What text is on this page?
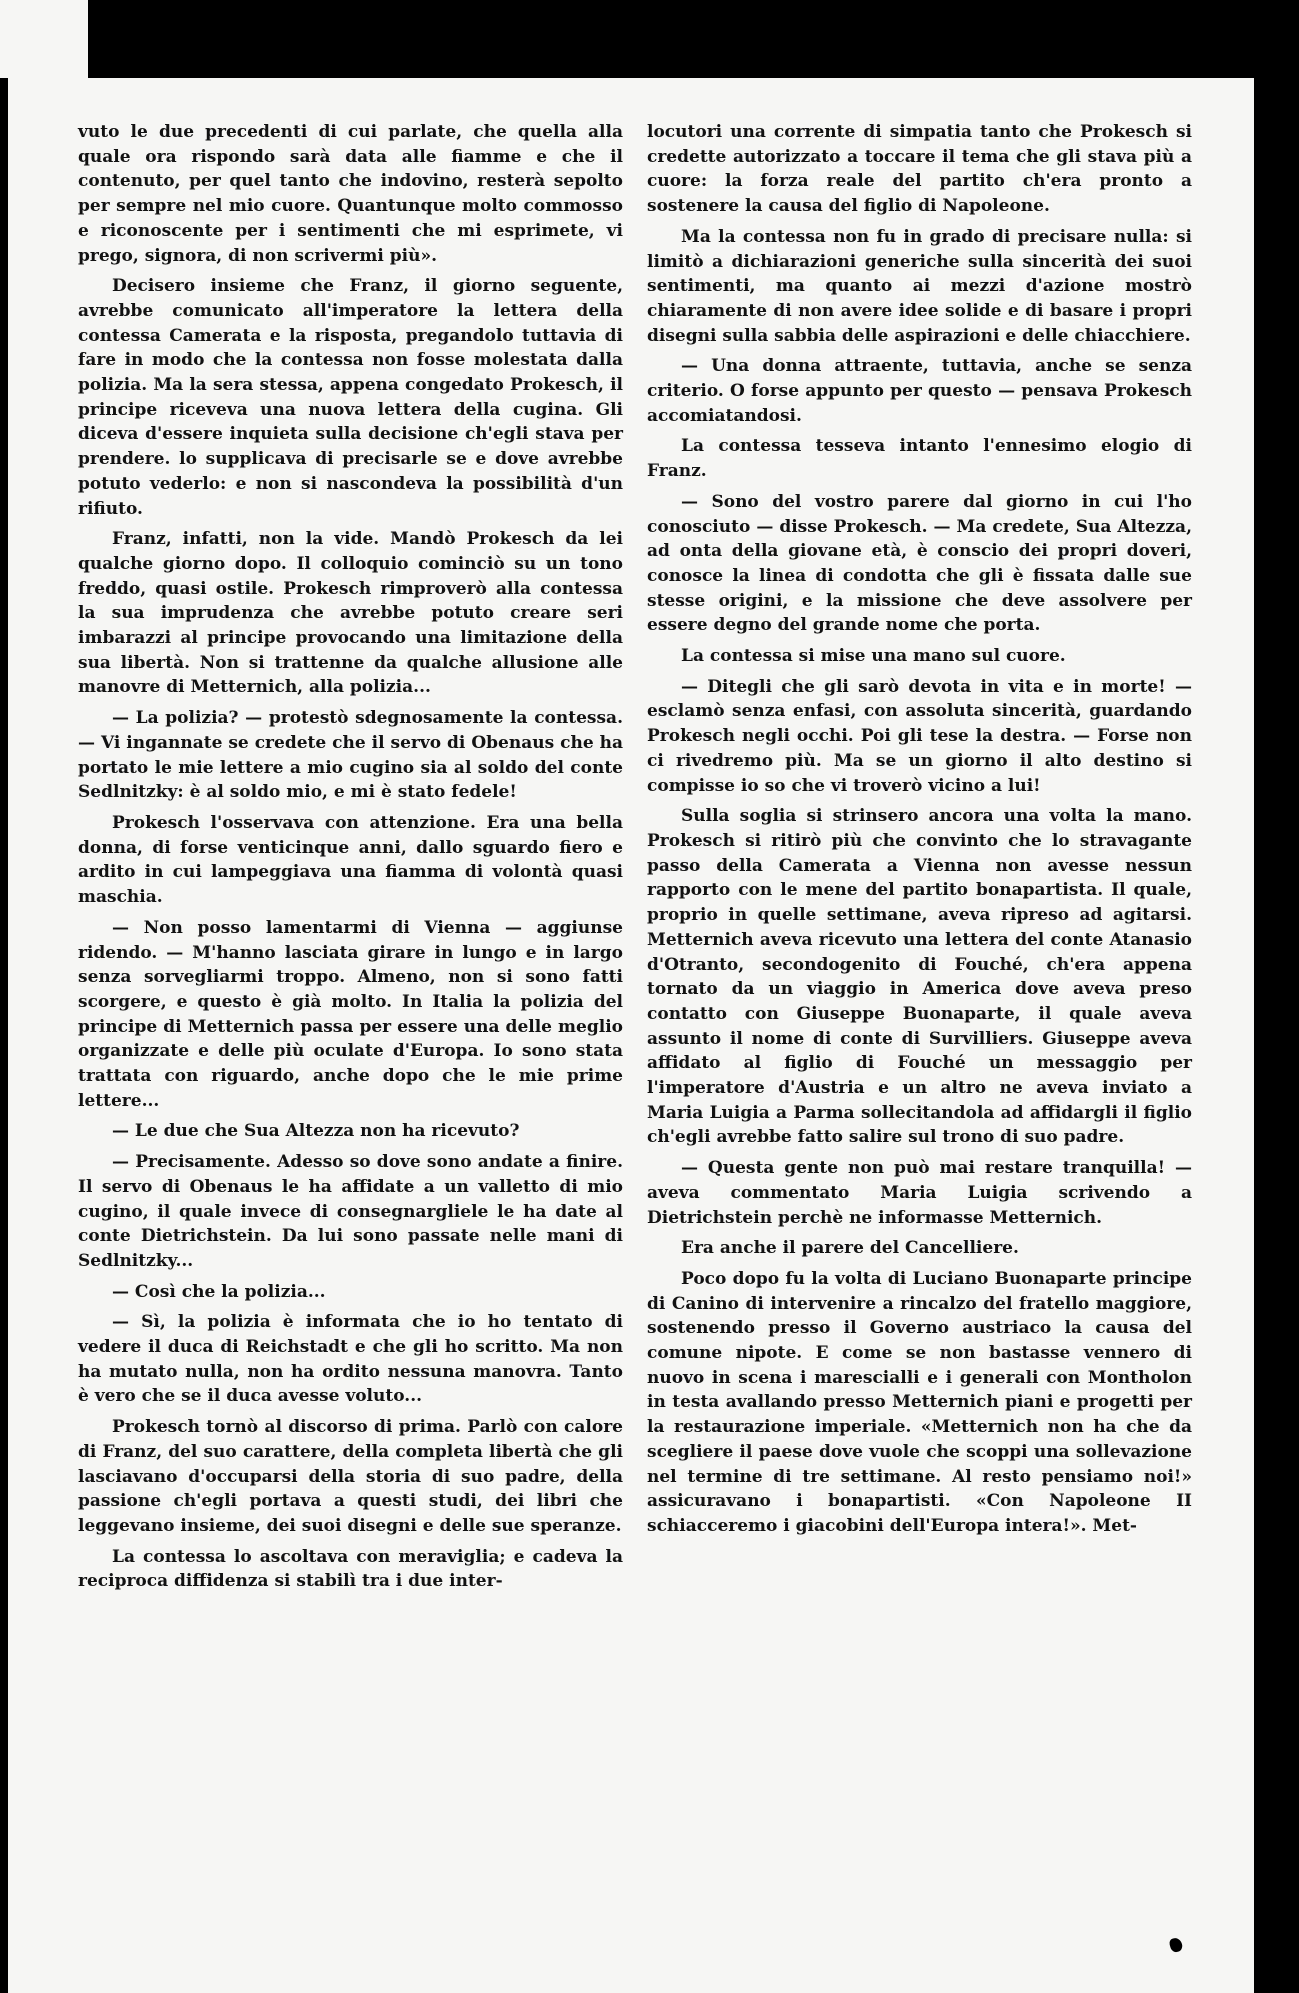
vuto le due precedenti di cui parlate, che quella alla quale ora rispondo sarà data alle fiamme e che il contenuto, per quel tanto che indovino, resterà sepolto per sempre nel mio cuore. Quantunque molto commosso e riconoscente per i sentimenti che mi esprimete, vi prego, signora, di non scrivermi più».

Decisero insieme che Franz, il giorno seguente, avrebbe comunicato all'imperatore la lettera della contessa Camerata e la risposta, pregandolo tuttavia di fare in modo che la contessa non fosse molestata dalla polizia. Ma la sera stessa, appena congedato Prokesch, il principe riceveva una nuova lettera della cugina. Gli diceva d'essere inquieta sulla decisione ch'egli stava per prendere. lo supplicava di precisarle se e dove avrebbe potuto vederlo: e non si nascondeva la possibilità d'un rifiuto.

Franz, infatti, non la vide. Mandò Prokesch da lei qualche giorno dopo. Il colloquio cominciò su un tono freddo, quasi ostile. Prokesch rimproverò alla contessa la sua imprudenza che avrebbe potuto creare seri imbarazzi al principe provocando una limitazione della sua libertà. Non si trattenne da qualche allusione alle manovre di Metternich, alla polizia...

— La polizia? — protestò sdegnosamente la contessa. — Vi ingannate se credete che il servo di Obenaus che ha portato le mie lettere a mio cugino sia al soldo del conte Sedlnitzky: è al soldo mio, e mi è stato fedele!

Prokesch l'osservava con attenzione. Era una bella donna, di forse venticinque anni, dallo sguardo fiero e ardito in cui lampeggiava una fiamma di volontà quasi maschia.

— Non posso lamentarmi di Vienna — aggiunse ridendo. — M'hanno lasciata girare in lungo e in largo senza sorvegliarmi troppo. Almeno, non si sono fatti scorgere, e questo è già molto. In Italia la polizia del principe di Metternich passa per essere una delle meglio organizzate e delle più oculate d'Europa. Io sono stata trattata con riguardo, anche dopo che le mie prime lettere...

— Le due che Sua Altezza non ha ricevuto?

— Precisamente. Adesso so dove sono andate a finire. Il servo di Obenaus le ha affidate a un valletto di mio cugino, il quale invece di consegnargliele le ha date al conte Dietrichstein. Da lui sono passate nelle mani di Sedlnitzky...

— Così che la polizia...

— Sì, la polizia è informata che io ho tentato di vedere il duca di Reichstadt e che gli ho scritto. Ma non ha mutato nulla, non ha ordito nessuna manovra. Tanto è vero che se il duca avesse voluto...

Prokesch tornò al discorso di prima. Parlò con calore di Franz, del suo carattere, della completa libertà che gli lasciavano d'occuparsi della storia di suo padre, della passione ch'egli portava a questi studi, dei libri che leggevano insieme, dei suoi disegni e delle sue speranze.

La contessa lo ascoltava con meraviglia; e cadeva la reciproca diffidenza si stabilì tra i due inter-

locutori una corrente di simpatia tanto che Prokesch si credette autorizzato a toccare il tema che gli stava più a cuore: la forza reale del partito ch'era pronto a sostenere la causa del figlio di Napoleone.

Ma la contessa non fu in grado di precisare nulla: si limitò a dichiarazioni generiche sulla sincerità dei suoi sentimenti, ma quanto ai mezzi d'azione mostrò chiaramente di non avere idee solide e di basare i propri disegni sulla sabbia delle aspirazioni e delle chiacchiere.

— Una donna attraente, tuttavia, anche se senza criterio. O forse appunto per questo — pensava Prokesch accomiatandosi.

La contessa tesseva intanto l'ennesimo elogio di Franz.

— Sono del vostro parere dal giorno in cui l'ho conosciuto — disse Prokesch. — Ma credete, Sua Altezza, ad onta della giovane età, è conscio dei propri doveri, conosce la linea di condotta che gli è fissata dalle sue stesse origini, e la missione che deve assolvere per essere degno del grande nome che porta.

La contessa si mise una mano sul cuore.

— Ditegli che gli sarò devota in vita e in morte! — esclamò senza enfasi, con assoluta sincerità, guardando Prokesch negli occhi. Poi gli tese la destra. — Forse non ci rivedremo più. Ma se un giorno il alto destino si compisse io so che vi troverò vicino a lui!

Sulla soglia si strinsero ancora una volta la mano. Prokesch si ritirò più che convinto che lo stravagante passo della Camerata a Vienna non avesse nessun rapporto con le mene del partito bonapartista. Il quale, proprio in quelle settimane, aveva ripreso ad agitarsi. Metternich aveva ricevuto una lettera del conte Atanasio d'Otranto, secondogenito di Fouché, ch'era appena tornato da un viaggio in America dove aveva preso contatto con Giuseppe Buonaparte, il quale aveva assunto il nome di conte di Survilliers. Giuseppe aveva affidato al figlio di Fouché un messaggio per l'imperatore d'Austria e un altro ne aveva inviato a Maria Luigia a Parma sollecitandola ad affidargli il figlio ch'egli avrebbe fatto salire sul trono di suo padre.

— Questa gente non può mai restare tranquilla! — aveva commentato Maria Luigia scrivendo a Dietrichstein perchè ne informasse Metternich.

Era anche il parere del Cancelliere.

Poco dopo fu la volta di Luciano Buonaparte principe di Canino di intervenire a rincalzo del fratello maggiore, sostenendo presso il Governo austriaco la causa del comune nipote. E come se non bastasse vennero di nuovo in scena i marescialli e i generali con Montholon in testa avallando presso Metternich piani e progetti per la restaurazione imperiale. «Metternich non ha che da scegliere il paese dove vuole che scoppi una sollevazione nel termine di tre settimane. Al resto pensiamo noi!» assicuravano i bonapartisti. «Con Napoleone II schiacceremo i giacobini dell'Europa intera!». Met-
